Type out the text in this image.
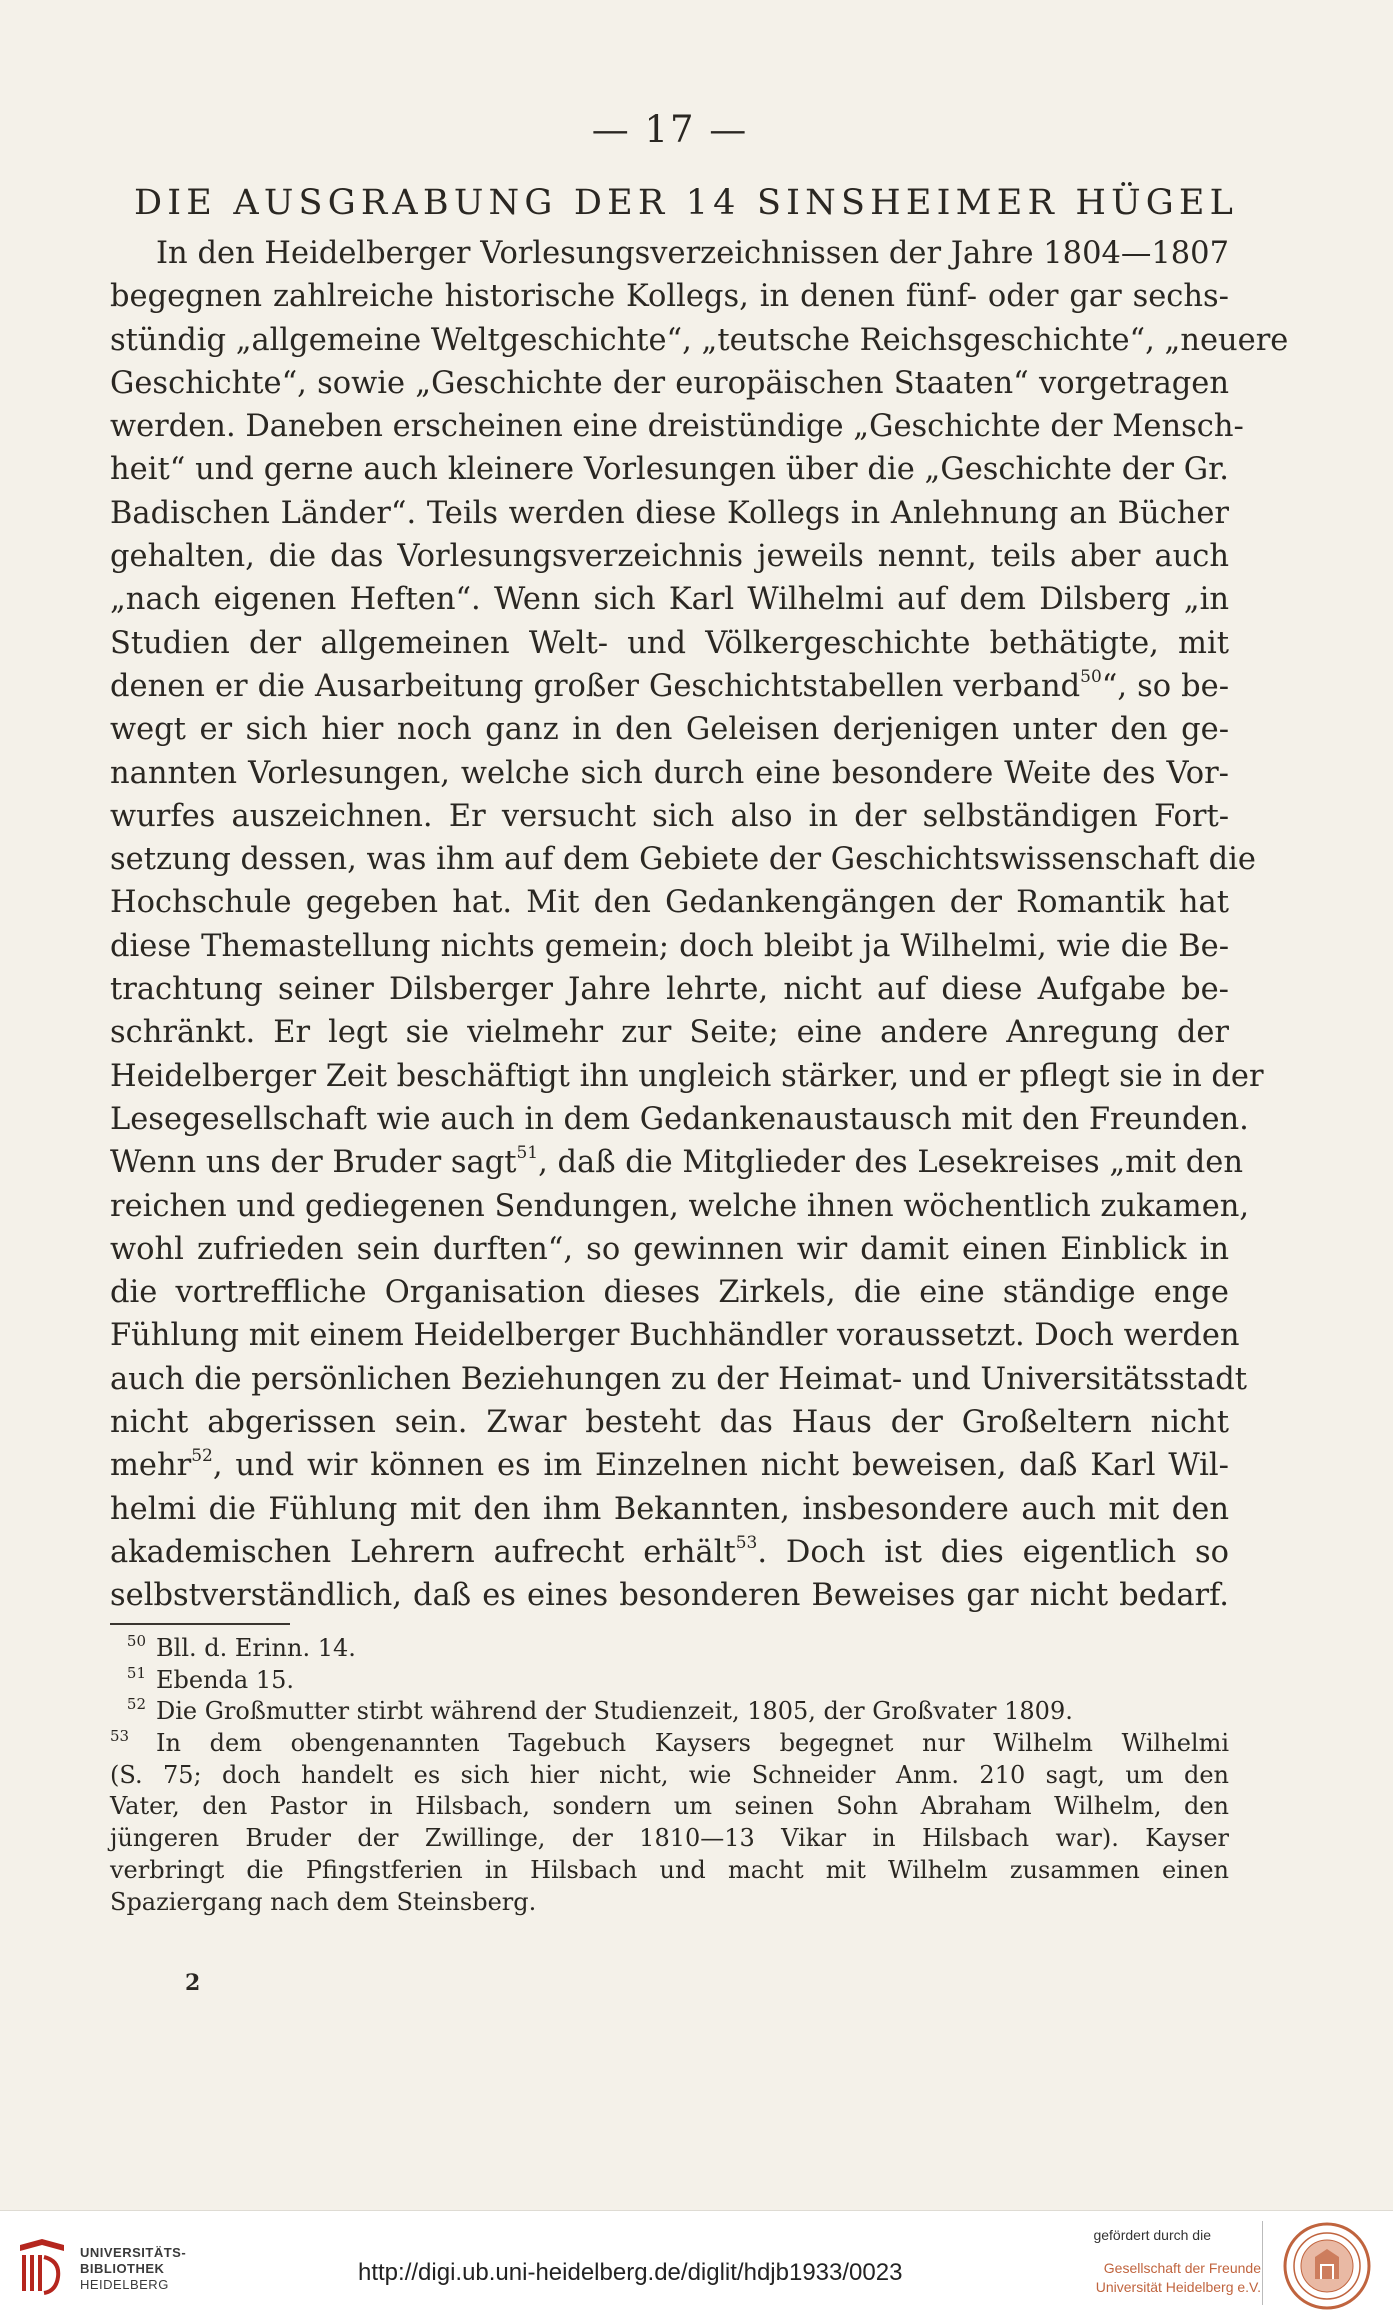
— 17 —
DIE AUSGRABUNG DER 14 SINSHEIMER HÜGEL
In den Heidelberger Vorlesungsverzeichnissen der Jahre 1804—1807
begegnen zahlreiche historische Kollegs, in denen fünf- oder gar sechs-
stündig „allgemeine Weltgeschichte“, „teutsche Reichsgeschichte“, „neuere
Geschichte“, sowie „Geschichte der europäischen Staaten“ vorgetragen
werden. Daneben erscheinen eine dreistündige „Geschichte der Mensch-
heit“ und gerne auch kleinere Vorlesungen über die „Geschichte der Gr.
Badischen Länder“. Teils werden diese Kollegs in Anlehnung an Bücher
gehalten, die das Vorlesungsverzeichnis jeweils nennt, teils aber auch
„nach eigenen Heften“. Wenn sich Karl Wilhelmi auf dem Dilsberg „in
Studien der allgemeinen Welt- und Völkergeschichte bethätigte, mit
denen er die Ausarbeitung großer Geschichtstabellen verband$^{50}$“, so be-
wegt er sich hier noch ganz in den Geleisen derjenigen unter den ge-
nannten Vorlesungen, welche sich durch eine besondere Weite des Vor-
wurfes auszeichnen. Er versucht sich also in der selbständigen Fort-
setzung dessen, was ihm auf dem Gebiete der Geschichtswissenschaft die
Hochschule gegeben hat. Mit den Gedankengängen der Romantik hat
diese Themastellung nichts gemein; doch bleibt ja Wilhelmi, wie die Be-
trachtung seiner Dilsberger Jahre lehrte, nicht auf diese Aufgabe be-
schränkt. Er legt sie vielmehr zur Seite; eine andere Anregung der
Heidelberger Zeit beschäftigt ihn ungleich stärker, und er pflegt sie in der
Lesegesellschaft wie auch in dem Gedankenaustausch mit den Freunden.
Wenn uns der Bruder sagt$^{51}$, daß die Mitglieder des Lesekreises „mit den
reichen und gediegenen Sendungen, welche ihnen wöchentlich zukamen,
wohl zufrieden sein durften“, so gewinnen wir damit einen Einblick in
die vortreffliche Organisation dieses Zirkels, die eine ständige enge
Fühlung mit einem Heidelberger Buchhändler voraussetzt. Doch werden
auch die persönlichen Beziehungen zu der Heimat- und Universitätsstadt
nicht abgerissen sein. Zwar besteht das Haus der Großeltern nicht
mehr$^{52}$, und wir können es im Einzelnen nicht beweisen, daß Karl Wil-
helmi die Fühlung mit den ihm Bekannten, insbesondere auch mit den
akademischen Lehrern aufrecht erhält$^{53}$. Doch ist dies eigentlich so
selbstverständlich, daß es eines besonderen Beweises gar nicht bedarf.
50 Bll. d. Erinn. 14.
51 Ebenda 15.
52 Die Großmutter stirbt während der Studienzeit, 1805, der Großvater 1809.
53 In dem obengenannten Tagebuch Kaysers begegnet nur Wilhelm Wilhelmi
(S. 75; doch handelt es sich hier nicht, wie Schneider Anm. 210 sagt, um den
Vater, den Pastor in Hilsbach, sondern um seinen Sohn Abraham Wilhelm, den
jüngeren Bruder der Zwillinge, der 1810—13 Vikar in Hilsbach war). Kayser
verbringt die Pfingstferien in Hilsbach und macht mit Wilhelm zusammen einen
Spaziergang nach dem Steinsberg.
2
UNIVERSITÄTS-
BIBLIOTHEK
HEIDELBERG	http://digi.ub.uni-heidelberg.de/diglit/hdjb1933/0023
gefördert durch die
Gesellschaft der Freunde
Universität Heidelberg e.V.
